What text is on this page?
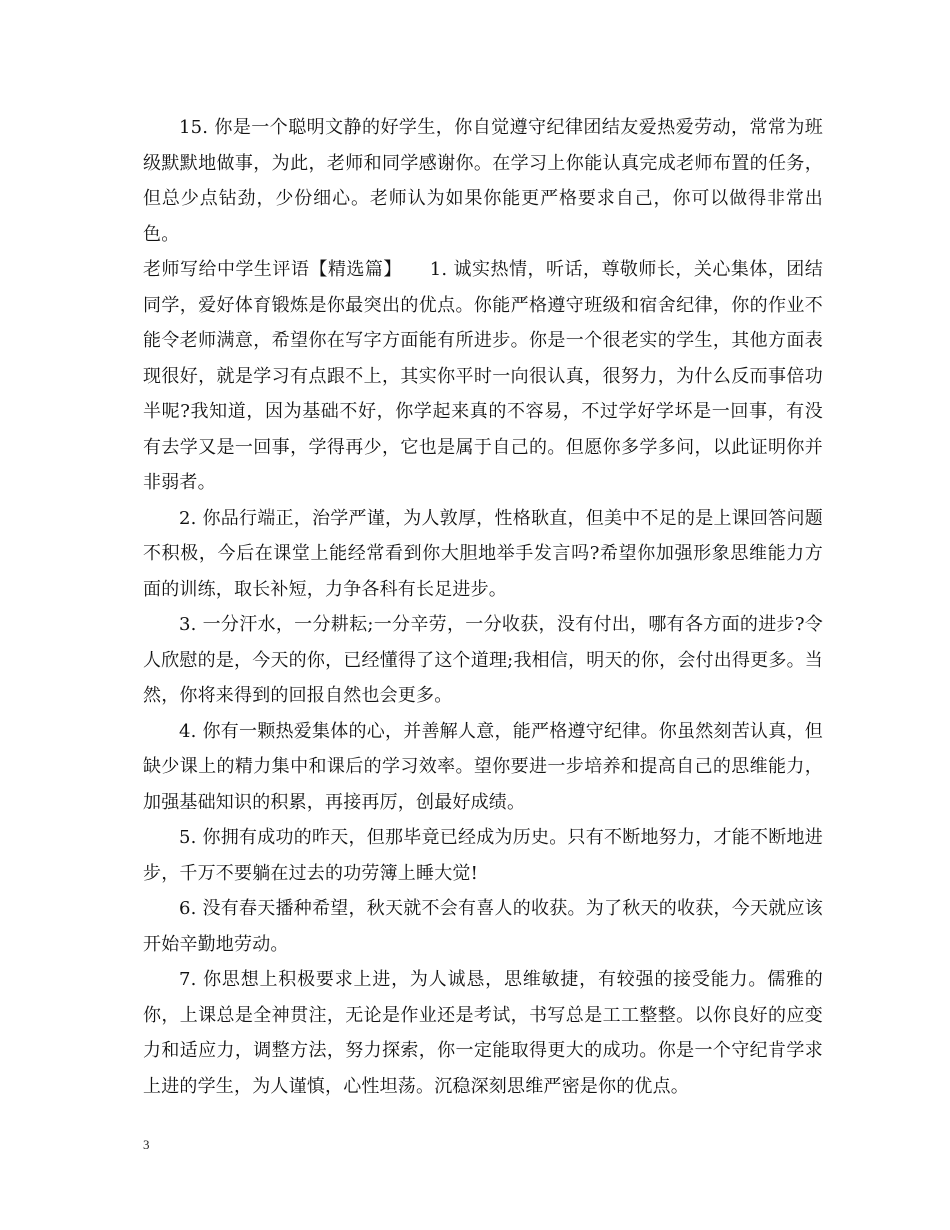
15. 你是一个聪明文静的好学生，你自觉遵守纪律团结友爱热爱劳动，常常为班级默默地做事，为此，老师和同学感谢你。在学习上你能认真完成老师布置的任务，但总少点钻劲，少份细心。老师认为如果你能更严格要求自己，你可以做得非常出色。

老师写给中学生评语【精选篇】　　1. 诚实热情，听话，尊敬师长，关心集体，团结同学，爱好体育锻炼是你最突出的优点。你能严格遵守班级和宿舍纪律，你的作业不能令老师满意，希望你在写字方面能有所进步。你是一个很老实的学生，其他方面表现很好，就是学习有点跟不上，其实你平时一向很认真，很努力，为什么反而事倍功半呢?我知道，因为基础不好，你学起来真的不容易，不过学好学坏是一回事，有没有去学又是一回事，学得再少，它也是属于自己的。但愿你多学多问，以此证明你并非弱者。

2. 你品行端正，治学严谨，为人敦厚，性格耿直，但美中不足的是上课回答问题不积极，今后在课堂上能经常看到你大胆地举手发言吗?希望你加强形象思维能力方面的训练，取长补短，力争各科有长足进步。

3. 一分汗水，一分耕耘;一分辛劳，一分收获，没有付出，哪有各方面的进步?令人欣慰的是，今天的你，已经懂得了这个道理;我相信，明天的你，会付出得更多。当然，你将来得到的回报自然也会更多。

4. 你有一颗热爱集体的心，并善解人意，能严格遵守纪律。你虽然刻苦认真，但缺少课上的精力集中和课后的学习效率。望你要进一步培养和提高自己的思维能力，加强基础知识的积累，再接再厉，创最好成绩。

5. 你拥有成功的昨天，但那毕竟已经成为历史。只有不断地努力，才能不断地进步，千万不要躺在过去的功劳簿上睡大觉!

6. 没有春天播种希望，秋天就不会有喜人的收获。为了秋天的收获，今天就应该开始辛勤地劳动。

7. 你思想上积极要求上进，为人诚恳，思维敏捷，有较强的接受能力。儒雅的你，上课总是全神贯注，无论是作业还是考试，书写总是工工整整。以你良好的应变力和适应力，调整方法，努力探索，你一定能取得更大的成功。你是一个守纪肯学求上进的学生，为人谨慎，心性坦荡。沉稳深刻思维严密是你的优点。

3
